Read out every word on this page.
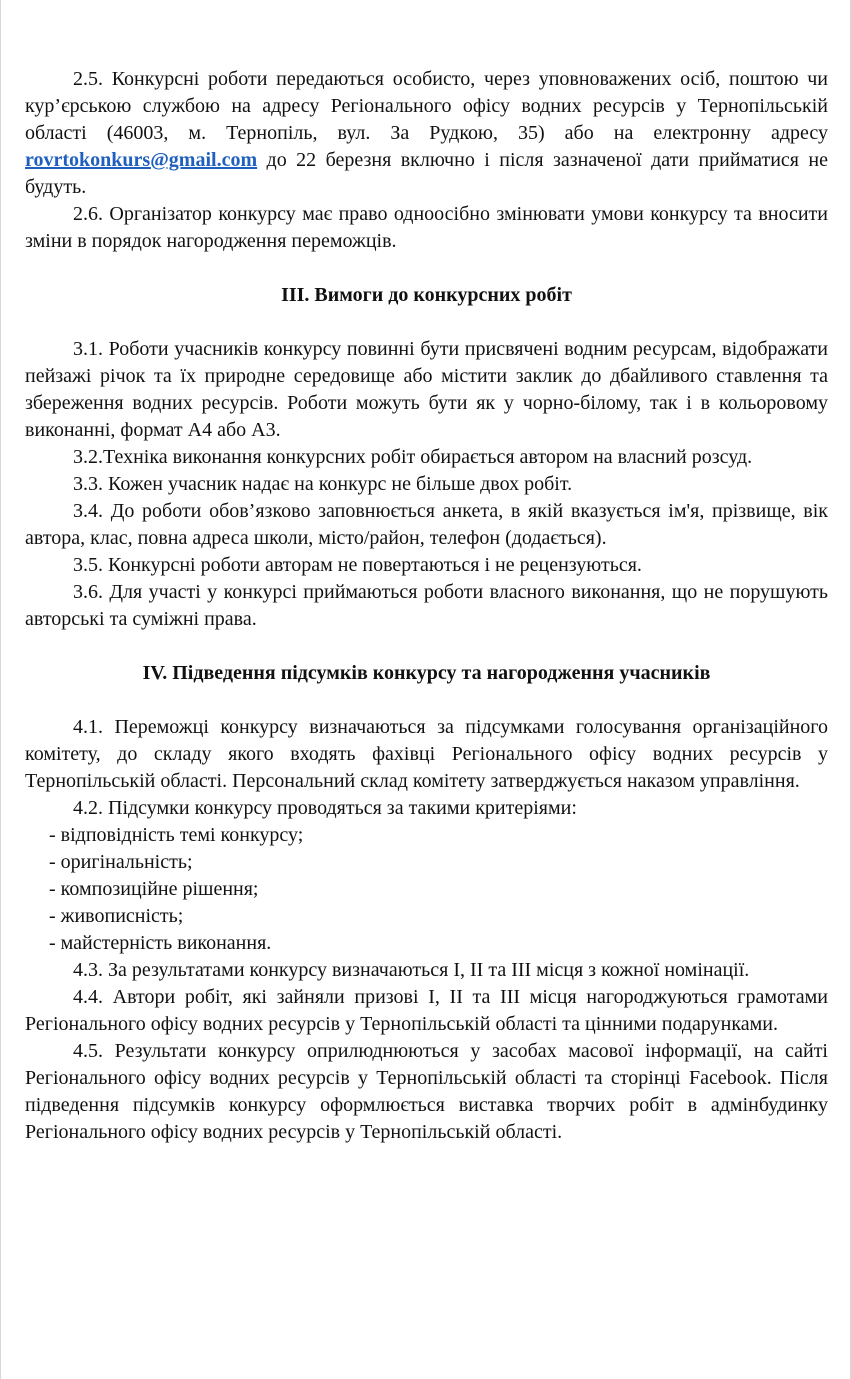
2.5. Конкурсні роботи передаються особисто, через уповноважених осіб, поштою чи кур’єрською службою на адресу Регіонального офісу водних ресурсів у Тернопільській області (46003, м. Тернопіль, вул. За Рудкою, 35) або на електронну адресу rovrtokonkurs@gmail.com до 22 березня включно і після зазначеної дати прийматися не будуть.

2.6. Організатор конкурсу має право одноосібно змінювати умови конкурсу та вносити зміни в порядок нагородження переможців.

ІІІ. Вимоги до конкурсних робіт

3.1. Роботи учасників конкурсу повинні бути присвячені водним ресурсам, відображати пейзажі річок та їх природне середовище або містити заклик до дбайливого ставлення та збереження водних ресурсів. Роботи можуть бути як у чорно-білому, так і в кольоровому виконанні, формат А4 або А3.

3.2.Техніка виконання конкурсних робіт обирається автором на власний розсуд.

3.3. Кожен учасник надає на конкурс не більше двох робіт.

3.4. До роботи обов’язково заповнюється анкета, в якій вказується ім'я, прізвище, вік автора, клас, повна адреса школи, місто/район, телефон (додається).

3.5. Конкурсні роботи авторам не повертаються і не рецензуються.

3.6. Для участі у конкурсі приймаються роботи власного виконання, що не порушують авторські та суміжні права.

IV. Підведення підсумків конкурсу та нагородження учасників

4.1. Переможці конкурсу визначаються за підсумками голосування організаційного комітету, до складу якого входять фахівці Регіонального офісу водних ресурсів у Тернопільській області. Персональний склад комітету затверджується наказом управління.

4.2. Підсумки конкурсу проводяться за такими критеріями:

- відповідність темі конкурсу;

- оригінальність;

- композиційне рішення;

- живописність;

- майстерність виконання.

4.3. За результатами конкурсу визначаються І, ІІ та ІІІ місця з кожної номінації.

4.4. Автори робіт, які зайняли призові І, ІІ та ІІІ місця нагороджуються грамотами Регіонального офісу водних ресурсів у Тернопільській області та цінними подарунками.

4.5. Результати конкурсу оприлюднюються у засобах масової інформації, на сайті Регіонального офісу водних ресурсів у Тернопільській області та сторінці Facebook. Після підведення підсумків конкурсу оформлюється виставка творчих робіт в адмінбудинку Регіонального офісу водних ресурсів у Тернопільській області.
